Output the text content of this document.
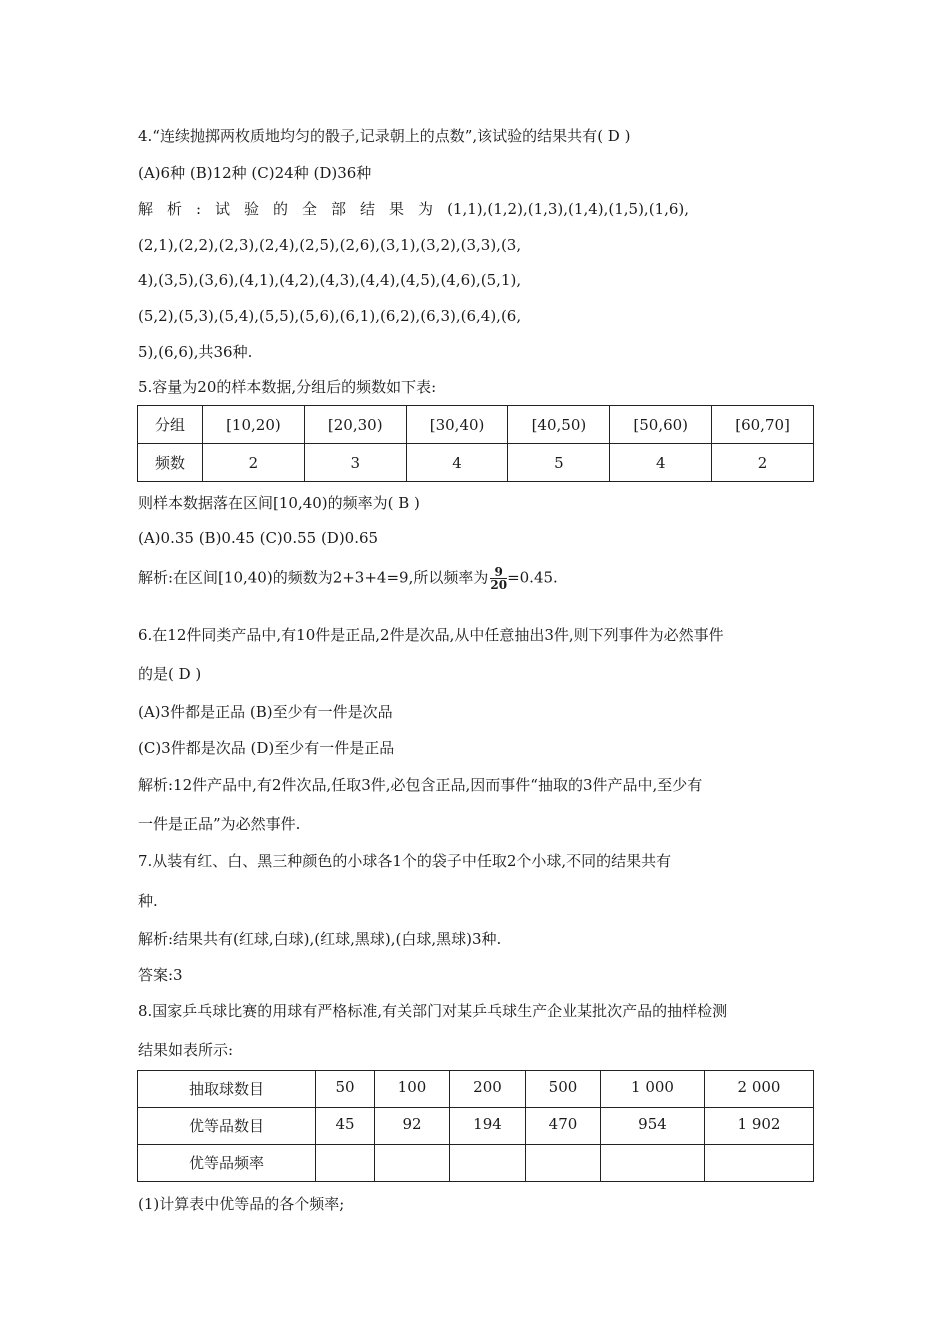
4.“连续抛掷两枚质地均匀的骰子,记录朝上的点数”,该试验的结果共有( D )
(A)6种 (B)12种 (C)24种 (D)36种
解析:试验的全部结果为(1,1),(1,2),(1,3),(1,4),(1,5),(1,6),
(2,1),(2,2),(2,3),(2,4),(2,5),(2,6),(3,1),(3,2),(3,3),(3,
4),(3,5),(3,6),(4,1),(4,2),(4,3),(4,4),(4,5),(4,6),(5,1),
(5,2),(5,3),(5,4),(5,5),(5,6),(6,1),(6,2),(6,3),(6,4),(6,
5),(6,6),共36种.
5.容量为20的样本数据,分组后的频数如下表:
分组	[10,20)	[20,30)	[30,40)	[40,50)	[50,60)	[60,70]
频数	2	3	4	5	4	2
则样本数据落在区间[10,40)的频率为( B )
(A)0.35 (B)0.45 (C)0.55 (D)0.65
解析:在区间[10,40)的频数为2+3+4=9,所以频率为 $\frac{9}{20} =0.45$.
6.在12件同类产品中,有10件是正品,2件是次品,从中任意抽出3件,则下列事件为必然事件
的是( D )
(A)3件都是正品 (B)至少有一件是次品
(C)3件都是次品 (D)至少有一件是正品
解析:12件产品中,有2件次品,任取3件,必包含正品,因而事件“抽取的3件产品中,至少有
一件是正品”为必然事件.
7.从装有红、白、黑三种颜色的小球各1个的袋子中任取2个小球,不同的结果共有
种.
解析:结果共有(红球,白球),(红球,黑球),(白球,黑球)3种.
答案:3
8.国家乒乓球比赛的用球有严格标准,有关部门对某乒乓球生产企业某批次产品的抽样检测
结果如表所示:
抽取球数目	50	100	200	500	1 000	2 000
优等品数目	45	92	194	470	954	1 902
优等品频率						
(1)计算表中优等品的各个频率;
